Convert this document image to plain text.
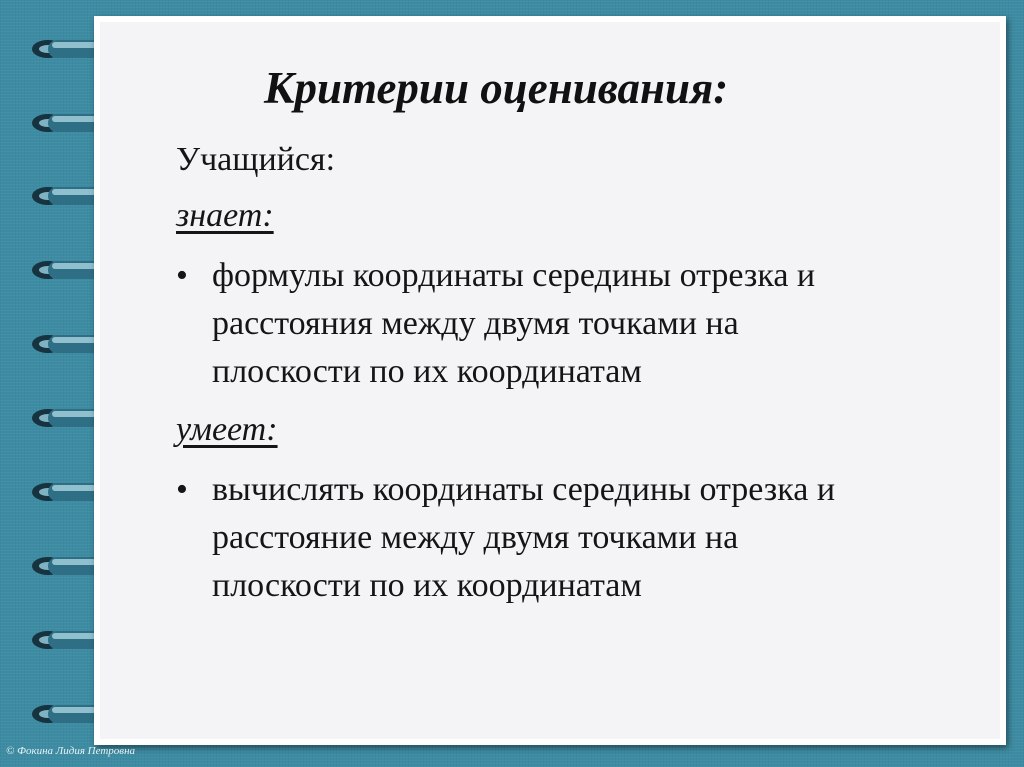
Критерии оценивания:

Учащийся:

знает:

• формулы координаты середины отрезка и

расстояния между двумя точками на

плоскости по их координатам

умеет:

• вычислять координаты середины отрезка и

расстояние между двумя точками на

плоскости по их координатам

© Фокина Лидия Петровна
